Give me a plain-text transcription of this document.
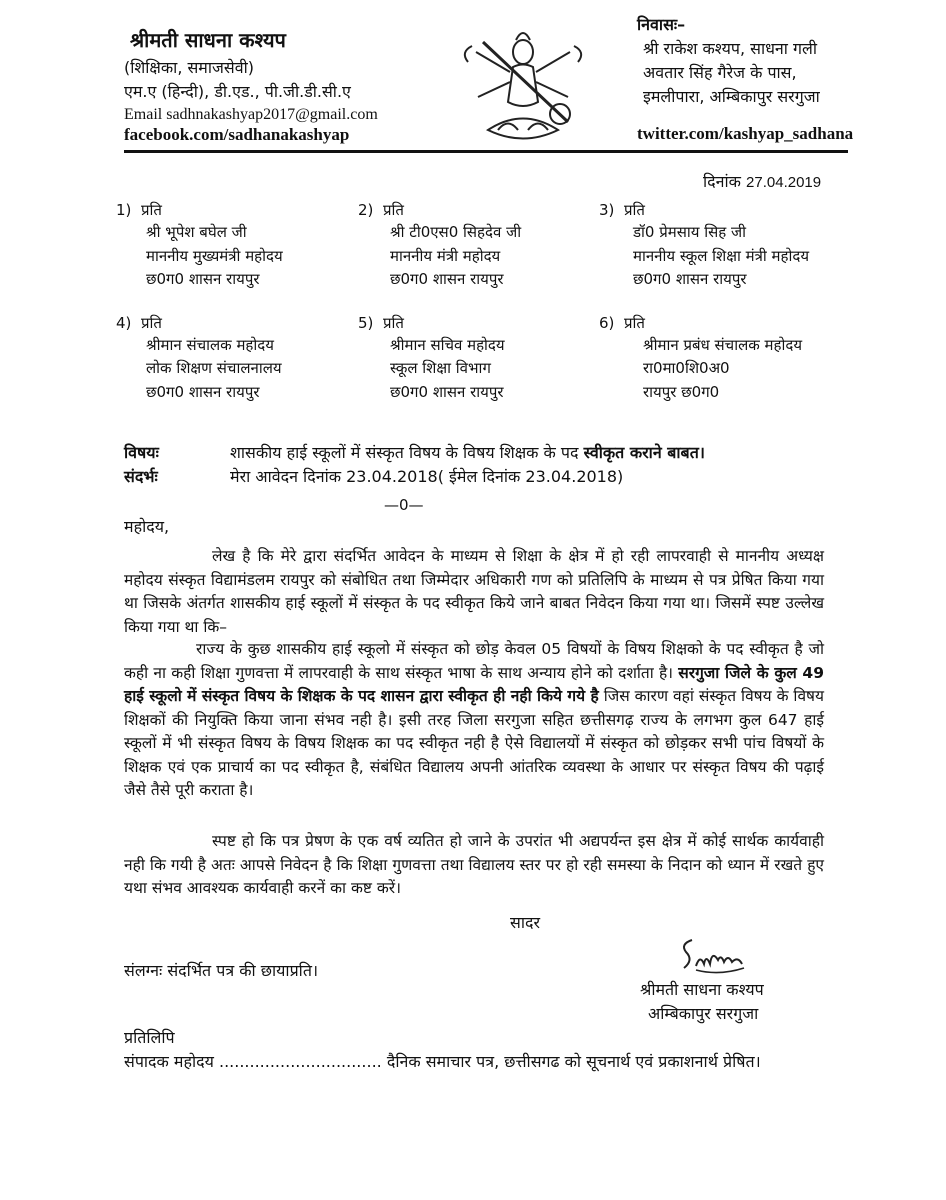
श्रीमती साधना कश्यप
(शिक्षिका, समाजसेवी)
एम.ए (हिन्दी), डी.एड., पी.जी.डी.सी.ए
Email sadhnakashyap2017@gmail.com
facebook.com/sadhanakashyap
निवासः–
श्री राकेश कश्यप, साधना गली
अवतार सिंह गैरेज के पास,
इमलीपारा, अम्बिकापुर सरगुजा
twitter.com/kashyap_sadhana
दिनांक 27.04.2019
1) प्रति
श्री भूपेश बघेल जी
माननीय मुख्यमंत्री महोदय
छ0ग0 शासन रायपुर
2) प्रति
श्री टी0एस0 सिहदेव जी
माननीय मंत्री महोदय
छ0ग0 शासन रायपुर
3) प्रति
डॉ0 प्रेमसाय सिह जी
माननीय स्कूल शिक्षा मंत्री महोदय
छ0ग0 शासन रायपुर
4) प्रति
श्रीमान संचालक महोदय
लोक शिक्षण संचालनालय
छ0ग0 शासन रायपुर
5) प्रति
श्रीमान सचिव महोदय
स्कूल शिक्षा विभाग
छ0ग0 शासन रायपुर
6) प्रति
श्रीमान प्रबंध संचालक महोदय
रा0मा0शि0अ0
रायपुर छ0ग0
विषयः	शासकीय हाई स्कूलों में संस्कृत विषय के विषय शिक्षक के पद स्वीकृत कराने बाबत।
संदर्भः	मेरा आवेदन दिनांक 23.04.2018( ईमेल दिनांक 23.04.2018)
—0—
महोदय,

लेख है कि मेरे द्वारा संदर्भित आवेदन के माध्यम से शिक्षा के क्षेत्र में हो रही लापरवाही से माननीय अध्यक्ष महोदय संस्कृत विद्यामंडलम रायपुर को संबोधित तथा जिम्मेदार अधिकारी गण को प्रतिलिपि के माध्यम से पत्र प्रेषित किया गया था जिसके अंतर्गत शासकीय हाई स्कूलों में संस्कृत के पद स्वीकृत किये जाने बाबत निवेदन किया गया था। जिसमें स्पष्ट उल्लेख किया गया था कि–

राज्य के कुछ शासकीय हाई स्कूलो में संस्कृत को छोड़ केवल 05 विषयों के विषय शिक्षको के पद स्वीकृत है जो कही ना कही शिक्षा गुणवत्ता में लापरवाही के साथ संस्कृत भाषा के साथ अन्याय होने को दर्शाता है। सरगुजा जिले के कुल 49 हाई स्कूलो में संस्कृत विषय के शिक्षक के पद शासन द्वारा स्वीकृत ही नही किये गये है जिस कारण वहां संस्कृत विषय के विषय शिक्षकों की नियुक्ति किया जाना संभव नही है। इसी तरह जिला सरगुजा सहित छत्तीसगढ़ राज्य के लगभग कुल 647 हाई स्कूलों में भी संस्कृत विषय के विषय शिक्षक का पद स्वीकृत नही है ऐसे विद्यालयों में संस्कृत को छोड़कर सभी पांच विषयों के शिक्षक एवं एक प्राचार्य का पद स्वीकृत है, संबंधित विद्यालय अपनी आंतरिक व्यवस्था के आधार पर संस्कृत विषय की पढ़ाई जैसे तैसे पूरी कराता है।

स्पष्ट हो कि पत्र प्रेषण के एक वर्ष व्यतित हो जाने के उपरांत भी अद्यपर्यन्त इस क्षेत्र में कोई सार्थक कार्यवाही नही कि गयी है अतः आपसे निवेदन है कि शिक्षा गुणवत्ता तथा विद्यालय स्तर पर हो रही समस्या के निदान को ध्यान में रखते हुए यथा संभव आवश्यक कार्यवाही करनें का कष्ट करें।

सादर
संलग्नः संदर्भित पत्र की छायाप्रति।
श्रीमती साधना कश्यप
अम्बिकापुर सरगुजा
प्रतिलिपि
संपादक महोदय ................................ दैनिक समाचार पत्र, छत्तीसगढ को सूचनार्थ एवं प्रकाशनार्थ प्रेषित।
